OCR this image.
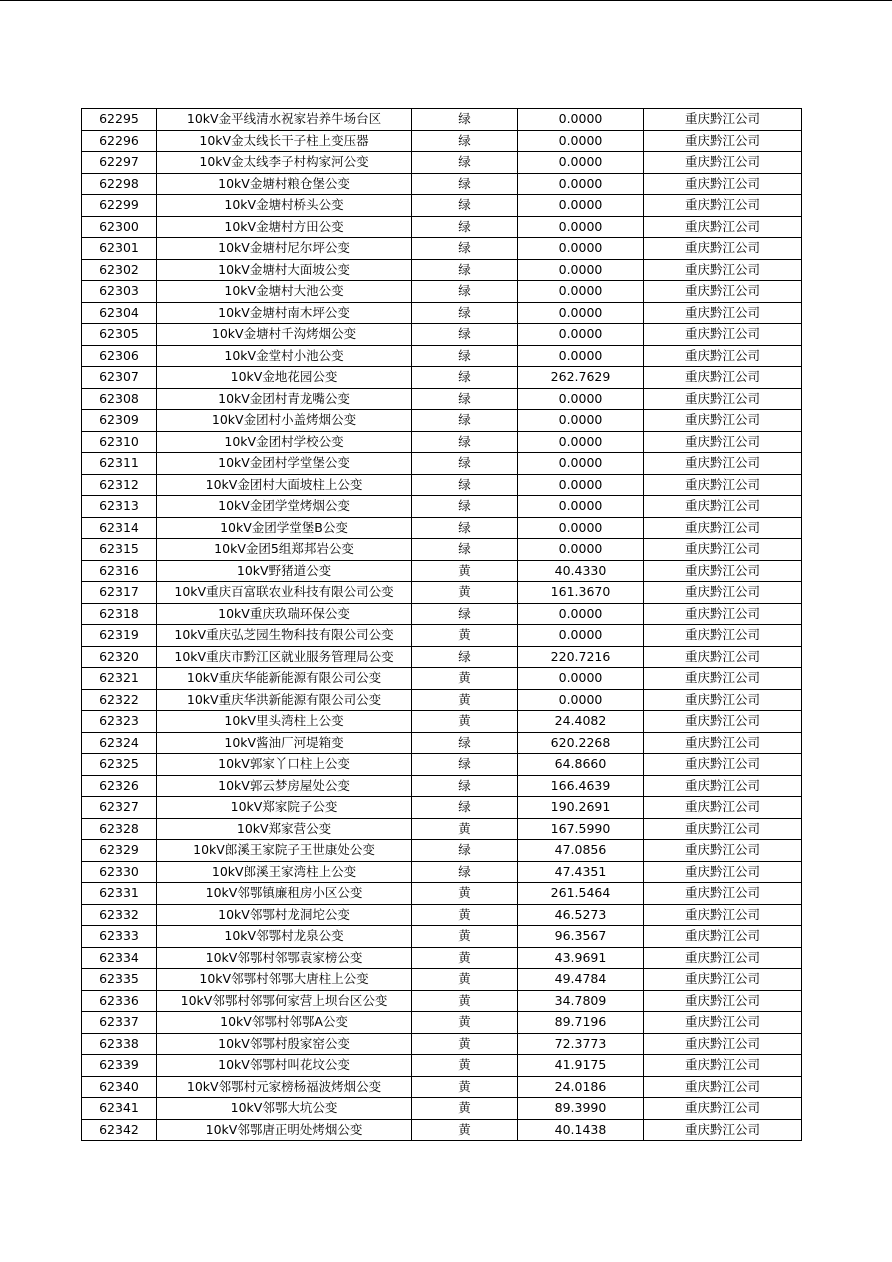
62295	10kV金平线清水祝家岩养牛场台区	绿	0.0000	重庆黔江公司
62296	10kV金太线长干子柱上变压器	绿	0.0000	重庆黔江公司
62297	10kV金太线李子村构家河公变	绿	0.0000	重庆黔江公司
62298	10kV金塘村粮仓堡公变	绿	0.0000	重庆黔江公司
62299	10kV金塘村桥头公变	绿	0.0000	重庆黔江公司
62300	10kV金塘村方田公变	绿	0.0000	重庆黔江公司
62301	10kV金塘村尼尔坪公变	绿	0.0000	重庆黔江公司
62302	10kV金塘村大面坡公变	绿	0.0000	重庆黔江公司
62303	10kV金塘村大池公变	绿	0.0000	重庆黔江公司
62304	10kV金塘村南木坪公变	绿	0.0000	重庆黔江公司
62305	10kV金塘村千沟烤烟公变	绿	0.0000	重庆黔江公司
62306	10kV金堂村小池公变	绿	0.0000	重庆黔江公司
62307	10kV金地花园公变	绿	262.7629	重庆黔江公司
62308	10kV金团村青龙嘴公变	绿	0.0000	重庆黔江公司
62309	10kV金团村小盖烤烟公变	绿	0.0000	重庆黔江公司
62310	10kV金团村学校公变	绿	0.0000	重庆黔江公司
62311	10kV金团村学堂堡公变	绿	0.0000	重庆黔江公司
62312	10kV金团村大面坡柱上公变	绿	0.0000	重庆黔江公司
62313	10kV金团学堂烤烟公变	绿	0.0000	重庆黔江公司
62314	10kV金团学堂堡B公变	绿	0.0000	重庆黔江公司
62315	10kV金团5组郑邦岩公变	绿	0.0000	重庆黔江公司
62316	10kV野猪道公变	黄	40.4330	重庆黔江公司
62317	10kV重庆百富联农业科技有限公司公变	黄	161.3670	重庆黔江公司
62318	10kV重庆玖瑞环保公变	绿	0.0000	重庆黔江公司
62319	10kV重庆弘芝园生物科技有限公司公变	黄	0.0000	重庆黔江公司
62320	10kV重庆市黔江区就业服务管理局公变	绿	220.7216	重庆黔江公司
62321	10kV重庆华能新能源有限公司公变	黄	0.0000	重庆黔江公司
62322	10kV重庆华洪新能源有限公司公变	黄	0.0000	重庆黔江公司
62323	10kV里头湾柱上公变	黄	24.4082	重庆黔江公司
62324	10kV酱油厂河堤箱变	绿	620.2268	重庆黔江公司
62325	10kV郭家丫口柱上公变	绿	64.8660	重庆黔江公司
62326	10kV郭云梦房屋处公变	绿	166.4639	重庆黔江公司
62327	10kV郑家院子公变	绿	190.2691	重庆黔江公司
62328	10kV郑家营公变	黄	167.5990	重庆黔江公司
62329	10kV郎溪王家院子王世康处公变	绿	47.0856	重庆黔江公司
62330	10kV郎溪王家湾柱上公变	绿	47.4351	重庆黔江公司
62331	10kV邻鄂镇廉租房小区公变	黄	261.5464	重庆黔江公司
62332	10kV邻鄂村龙洞坨公变	黄	46.5273	重庆黔江公司
62333	10kV邻鄂村龙泉公变	黄	96.3567	重庆黔江公司
62334	10kV邻鄂村邻鄂袁家榜公变	黄	43.9691	重庆黔江公司
62335	10kV邻鄂村邻鄂大唐柱上公变	黄	49.4784	重庆黔江公司
62336	10kV邻鄂村邻鄂何家营上坝台区公变	黄	34.7809	重庆黔江公司
62337	10kV邻鄂村邻鄂A公变	黄	89.7196	重庆黔江公司
62338	10kV邻鄂村殷家窑公变	黄	72.3773	重庆黔江公司
62339	10kV邻鄂村叫花坟公变	黄	41.9175	重庆黔江公司
62340	10kV邻鄂村元家榜杨福波烤烟公变	黄	24.0186	重庆黔江公司
62341	10kV邻鄂大坑公变	黄	89.3990	重庆黔江公司
62342	10kV邻鄂唐正明处烤烟公变	黄	40.1438	重庆黔江公司
